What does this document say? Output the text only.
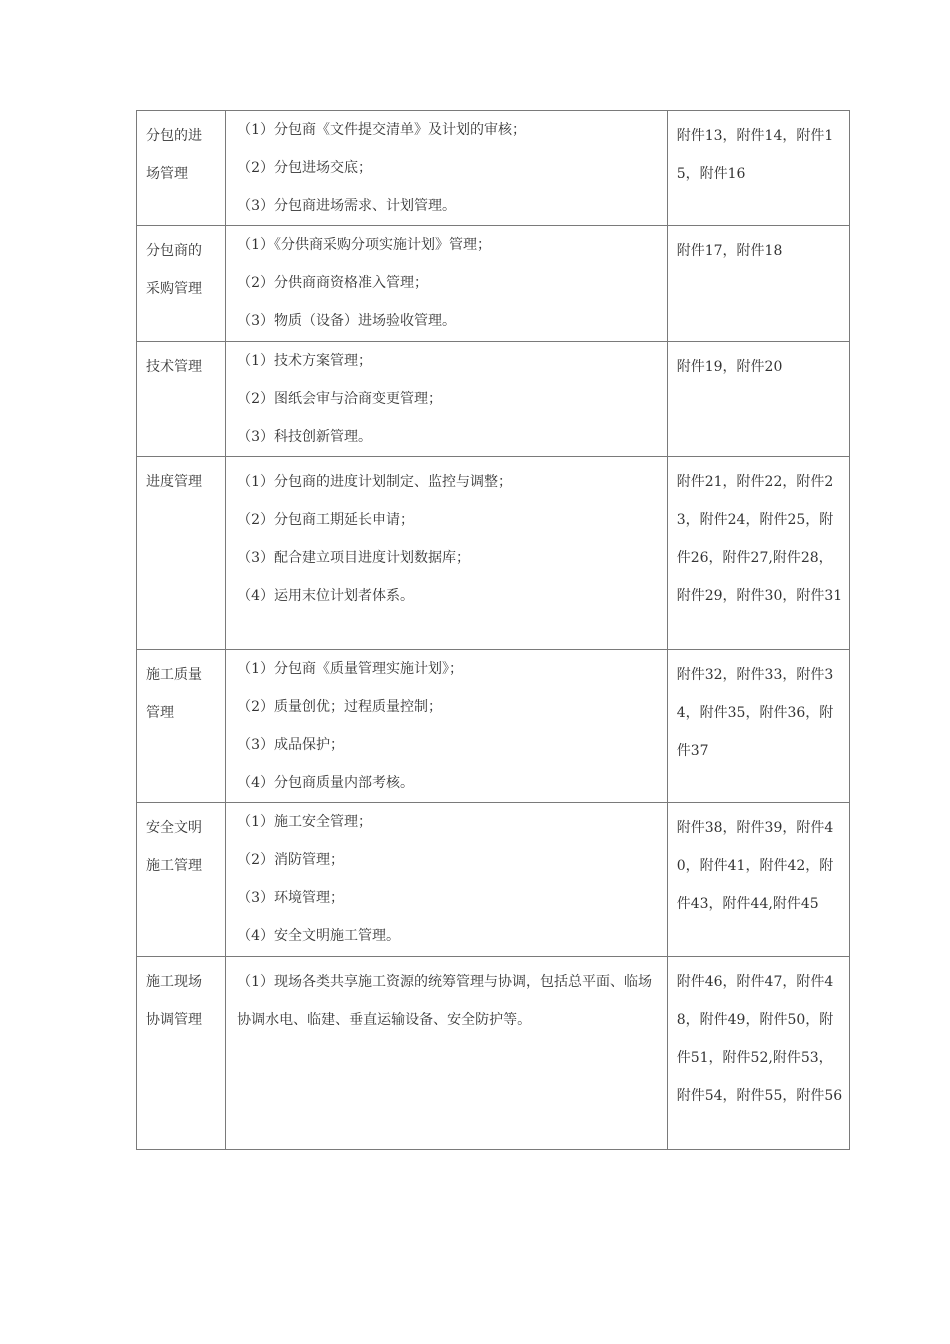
分包的进
场管理	（1）分包商《文件提交清单》及计划的审核；
（2）分包进场交底；
（3）分包商进场需求、计划管理。	附件13，附件14，附件15，附件16

分包商的
采购管理	（1）《分供商采购分项实施计划》管理；
（2）分供商商资格准入管理；
（3）物质（设备）进场验收管理。	附件17，附件18

技术管理	（1）技术方案管理；
（2）图纸会审与洽商变更管理；
（3）科技创新管理。	附件19，附件20

进度管理	（1）分包商的进度计划制定、监控与调整；
（2）分包商工期延长申请；
（3）配合建立项目进度计划数据库；
（4）运用末位计划者体系。	附件21，附件22，附件23，附件24，附件25，附件26，附件27,附件28，附件29，附件30，附件31

施工质量
管理	（1）分包商《质量管理实施计划》；
（2）质量创优；过程质量控制；
（3）成品保护；
（4）分包商质量内部考核。	附件32，附件33，附件34，附件35，附件36，附件37

安全文明
施工管理	（1）施工安全管理；
（2）消防管理；
（3）环境管理；
（4）安全文明施工管理。	附件38，附件39，附件40，附件41，附件42，附件43，附件44,附件45

施工现场
协调管理	（1）现场各类共享施工资源的统筹管理与协调，包括总平面、临场协调水电、临建、垂直运输设备、安全防护等。	附件46，附件47，附件48，附件49，附件50，附件51，附件52,附件53，附件54，附件55，附件56
